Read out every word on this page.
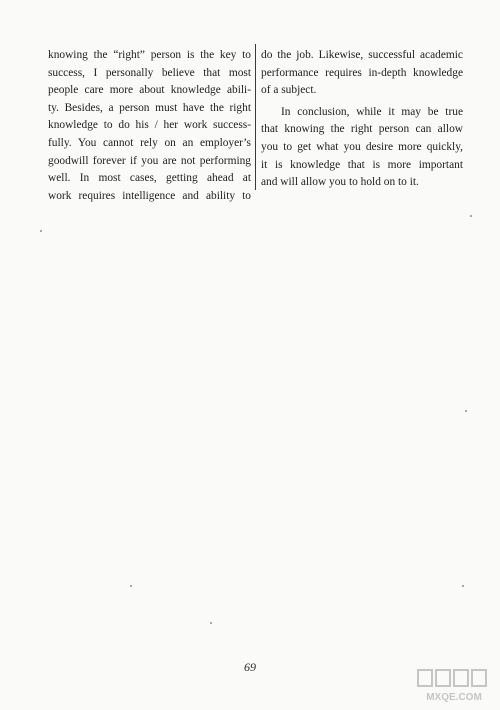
knowing the “right” person is the key to
success, I personally believe that most
people care more about knowledge abili-
ty. Besides, a person must have the right
knowledge to do his / her work success-
fully. You cannot rely on an employer’s
goodwill forever if you are not performing
well. In most cases, getting ahead at
work requires intelligence and ability to
do the job. Likewise, successful academic
performance requires in-depth knowledge
of a subject.
In conclusion, while it may be true
that knowing the right person can allow
you to get what you desire more quickly,
it is knowledge that is more important
and will allow you to hold on to it.
69
MXQE.COM
